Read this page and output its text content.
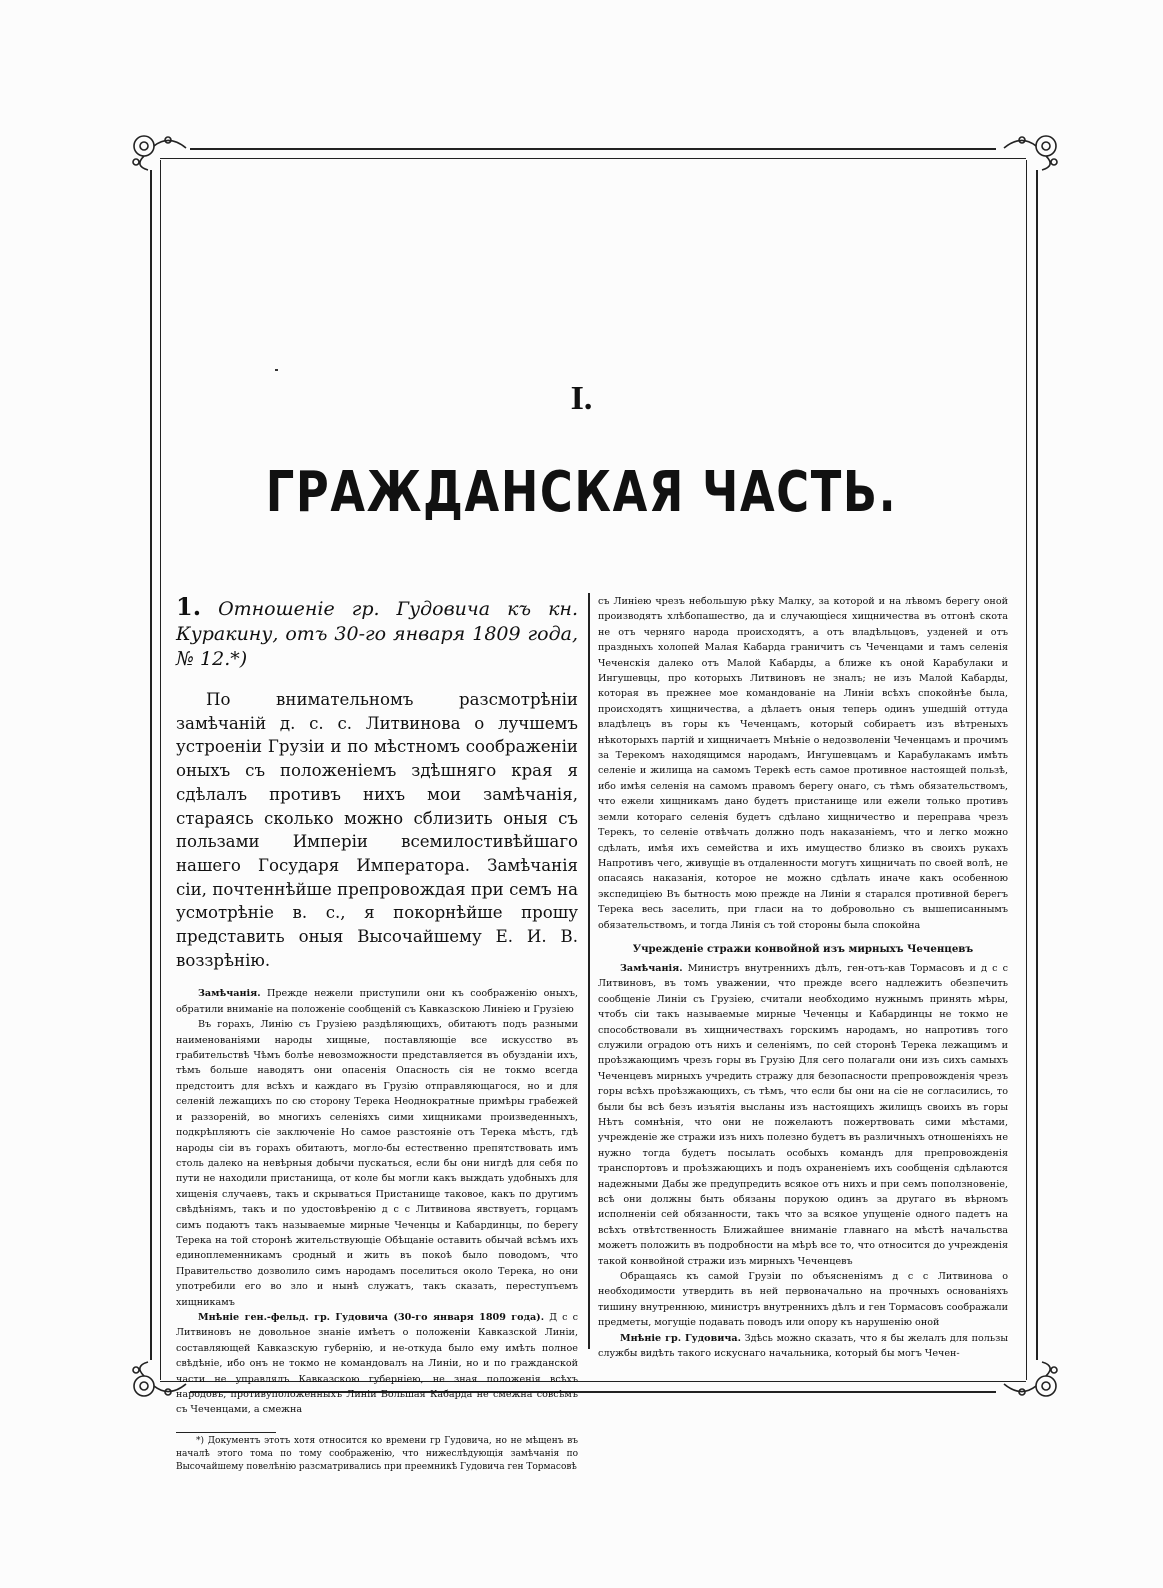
I.
ГРАЖДАНСКАЯ ЧАСТЬ.

1. Отношенiе гр. Гудовича къ кн. Куракину, отъ 30-го января 1809 года, № 12.*)

По внимательномъ разсмотрѣнiи замѣчанiй д. с. с. Литвинова о лучшемъ устроенiи Грузiи и по мѣстномъ соображенiи оныхъ съ положенiемъ здѣшняго края я сдѣлалъ противъ нихъ мои замѣчанiя, стараясь сколько можно сблизить оныя съ пользами Имперiи всемилостивѣйшаго нашего Государя Императора. Замѣчанiя сiи, почтеннѣйше препровождая при семъ на усмотрѣнiе в. с., я покорнѣйше прошу представить оныя Высочайшему Е. И. В. воззрѣнiю.

Замѣчанiя. Прежде нежели приступили они къ соображенiю оныхъ, обратили вниманiе на положенiе сообщенiй съ Кавказскою Линiею и Грузiею

Въ горахъ, Линiю съ Грузiею раздѣляющихъ, обитаютъ подъ разными наименованiями народы хищные, поставляющiе все искусство въ грабительствѣ Чѣмъ болѣе невозможности представляется въ обузданiи ихъ, тѣмъ больше наводятъ они опасенiя Опасность сiя не токмо всегда предстоитъ для всѣхъ и каждаго въ Грузiю отправляющагося, но и для селенiй лежащихъ по сю сторону Терека Неоднократные примѣры грабежей и раззоренiй, во многихъ селенiяхъ сими хищниками произведенныхъ, подкрѣпляютъ сiе заключенiе Но самое разстоянiе отъ Терека мѣстъ, гдѣ народы сiи въ горахъ обитаютъ, могло-бы естественно препятствовать имъ столь далеко на невѣрныя добычи пускаться, если бы они нигдѣ для себя по пути не находили пристанища, от коле бы могли какъ выждать удобныхъ для хищенiя случаевъ, такъ и скрываться Пристанище таковое, какъ по другимъ свѣдѣнiямъ, такъ и по удостовѣренiю д с с Литвинова явствуетъ, горцамъ симъ подаютъ такъ называемые мирные Чеченцы и Кабардинцы, по берегу Терека на той сторонѣ жительствующiе Обѣщанiе оставить обычай всѣмъ ихъ единоплеменникамъ сродный и жить въ покоѣ было поводомъ, что Правительство дозволило симъ народамъ поселиться около Терека, но они употребили его во зло и нынѣ служатъ, такъ сказать, переступъемъ хищникамъ

Мнѣнiе ген.-фельд. гр. Гудовича (30-го января 1809 года). Д с с Литвиновъ не довольное знанiе имѣетъ о положенiи Кавказской Линiи, составляющей Кавказскую губернiю, и не-откуда было ему имѣть полное свѣдѣнiе, ибо онъ не токмо не командовалъ на Линiи, но и по гражданской части не управлялъ Кавказскою губернiею, не зная положенiя всѣхъ народовъ, противуположенныхъ Линiи Большая Кабарда не смежна совсѣмъ съ Чеченцами, а смежна

*) Документъ этотъ хотя относится ко времени гр Гудовича, но не мѣщенъ въ началѣ этого тома по тому соображенiю, что нижеслѣдующiя замѣчанiя по Высочайшему повелѣнiю разсматривались при преемникѣ Гудовича ген Тормасовѣ

съ Линiею чрезъ небольшую рѣку Малку, за которой и на лѣвомъ берегу оной производятъ хлѣбопашество, да и случающiеся хищничества въ отгонѣ скота не отъ черняго народа происходятъ, а отъ владѣльцовъ, узденей и отъ праздныхъ холопей Малая Кабарда граничитъ съ Чеченцами и тамъ селенiя Чеченскiя далеко отъ Малой Кабарды, а ближе къ оной Карабулаки и Ингушевцы, про которыхъ Литвиновъ не зналъ; не изъ Малой Кабарды, которая въ прежнее мое командованiе на Линiи всѣхъ спокойнѣе была, происходятъ хищничества, а дѣлаетъ оныя теперь одинъ ушедшiй оттуда владѣлецъ въ горы къ Чеченцамъ, который собираетъ изъ вѣтреныхъ нѣкоторыхъ партiй и хищничаетъ Мнѣнiе о недозволенiи Чеченцамъ и прочимъ за Терекомъ находящимся народамъ, Ингушевцамъ и Карабулакамъ имѣть селенiе и жилища на самомъ Терекѣ есть самое противное настоящей пользѣ, ибо имѣя селенiя на самомъ правомъ берегу онаго, съ тѣмъ обязательствомъ, что ежели хищникамъ дано будетъ пристанище или ежели только противъ земли котораго селенiя будетъ сдѣлано хищничество и переправа чрезъ Терекъ, то селенiе отвѣчать должно подъ наказанiемъ, что и легко можно сдѣлать, имѣя ихъ семейства и ихъ имущество близко въ своихъ рукахъ Напротивъ чего, живущiе въ отдаленности могутъ хищничать по своей волѣ, не опасаясь наказанiя, которое не можно сдѣлать иначе какъ особенною экспедицiею Въ бытность мою прежде на Линiи я старался противной берегъ Терека весь заселить, при гласи на то добровольно съ вышеписаннымъ обязательствомъ, и тогда Линiя съ той стороны была спокойна

Учрежденiе стражи конвойной изъ мирныхъ Чеченцевъ

Замѣчанiя. Министръ внутреннихъ дѣлъ, ген-отъ-кав Тормасовъ и д с с Литвиновъ, въ томъ уважении, что прежде всего надлежитъ обезпечить сообщенiе Линiи съ Грузiею, считали необходимо нужнымъ принять мѣры, чтобъ сiи такъ называемые мирные Чеченцы и Кабардинцы не токмо не способствовали въ хищничествахъ горскимъ народамъ, но напротивъ того служили оградою отъ нихъ и селенiямъ, по сей сторонѣ Терека лежащимъ и проѣзжающимъ чрезъ горы въ Грузiю Для сего полагали они изъ сихъ самыхъ Чеченцевъ мирныхъ учредить стражу для безопасности препровожденiя чрезъ горы всѣхъ проѣзжающихъ, съ тѣмъ, что если бы они на сiе не согласились, то были бы всѣ безъ изъятiя высланы изъ настоящихъ жилищъ своихъ въ горы Нѣтъ сомнѣнiя, что они не пожелаютъ пожертвовать сими мѣстами, учрежденiе же стражи изъ нихъ полезно будетъ въ различныхъ отношенiяхъ не нужно тогда будетъ посылать особыхъ командъ для препровожденiя транспортовъ и проѣзжающихъ и подъ охраненiемъ ихъ сообщенiя сдѣлаются надежными Дабы же предупредить всякое отъ нихъ и при семъ поползновенiе, всѣ они должны быть обязаны порукою одинъ за другаго въ вѣрномъ исполненiи сей обязанности, такъ что за всякое упущенiе одного падетъ на всѣхъ отвѣтственность Ближайшее вниманiе главнаго на мѣстѣ начальства можетъ положить въ подробности на мѣрѣ все то, что относится до учрежденiя такой конвойной стражи изъ мирныхъ Чеченцевъ

Обращаясь къ самой Грузiи по объясненiямъ д с с Литвинова о необходимости утвердить въ ней первоначально на прочныхъ основанiяхъ тишину внутреннюю, министръ внутреннихъ дѣлъ и ген Тормасовъ соображали предметы, могущiе подавать поводъ или опору къ нарушенiю оной

Мнѣнiе гр. Гудовича. Здѣсь можно сказать, что я бы желалъ для пользы службы видѣть такого искуснаго начальника, который бы могъ Чечен-
